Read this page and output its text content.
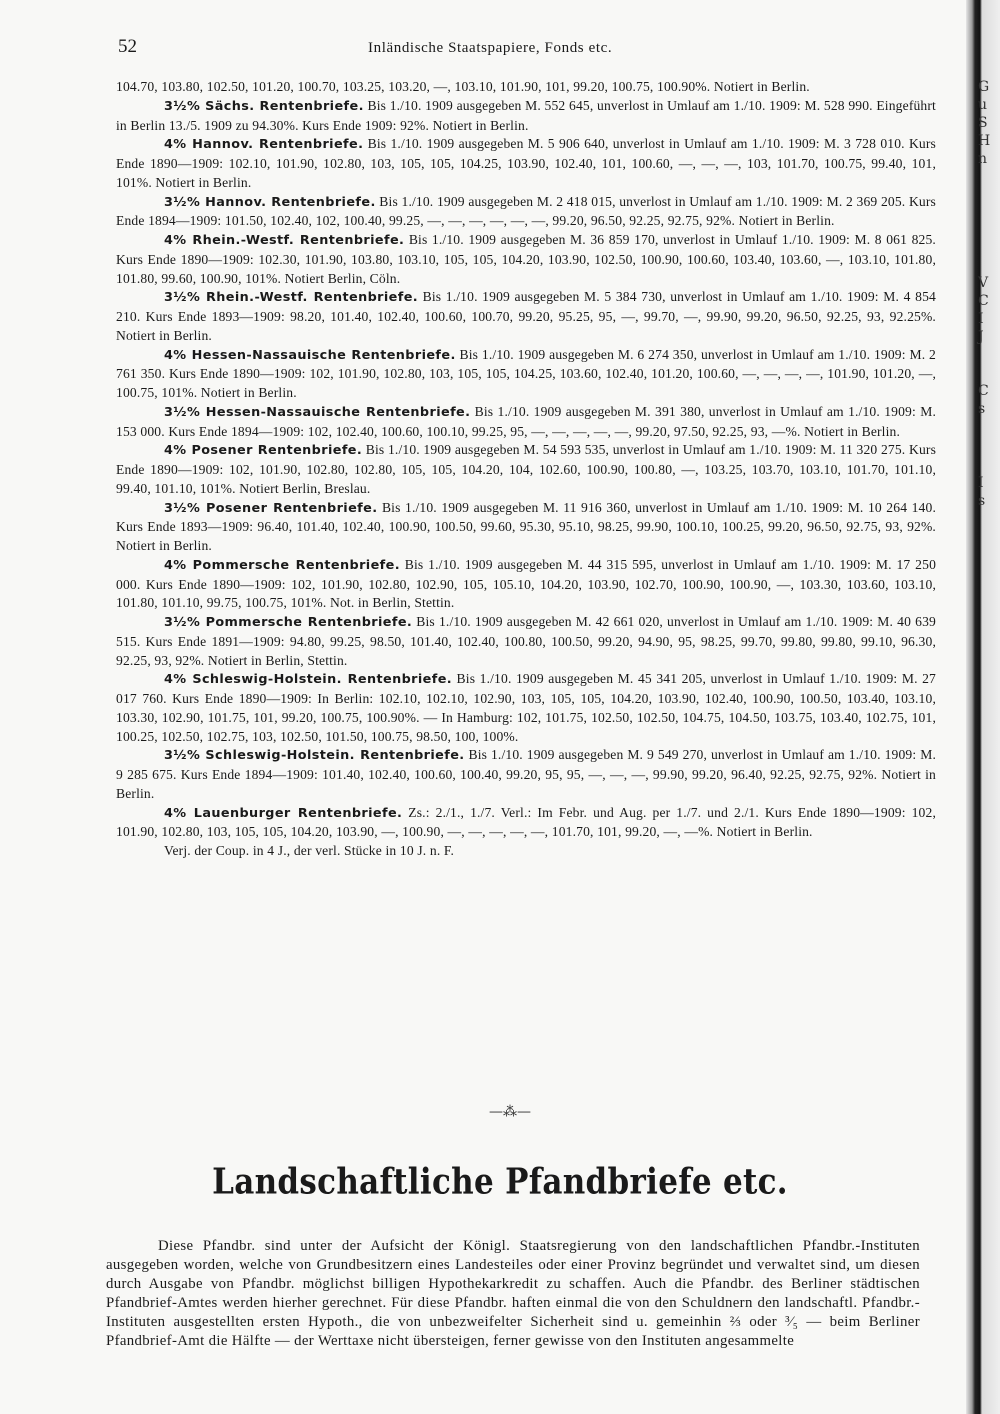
G
u
S
H
n
V
C
I
J
C
s
I
s
52	Inländische Staatspapiere, Fonds etc.

104.70, 103.80, 102.50, 101.20, 100.70, 103.25, 103.20, —, 103.10, 101.90, 101, 99.20, 100.75, 100.90%. Notiert in Berlin.

3½% Sächs. Rentenbriefe. Bis 1./10. 1909 ausgegeben M. 552 645, unverlost in Umlauf am 1./10. 1909: M. 528 990. Eingeführt in Berlin 13./5. 1909 zu 94.30%. Kurs Ende 1909: 92%. Notiert in Berlin.

4% Hannov. Rentenbriefe. Bis 1./10. 1909 ausgegeben M. 5 906 640, unverlost in Umlauf am 1./10. 1909: M. 3 728 010. Kurs Ende 1890—1909: 102.10, 101.90, 102.80, 103, 105, 105, 104.25, 103.90, 102.40, 101, 100.60, —, —, —, 103, 101.70, 100.75, 99.40, 101, 101%. Notiert in Berlin.

3½% Hannov. Rentenbriefe. Bis 1./10. 1909 ausgegeben M. 2 418 015, unverlost in Umlauf am 1./10. 1909: M. 2 369 205. Kurs Ende 1894—1909: 101.50, 102.40, 102, 100.40, 99.25, —, —, —, —, —, —, 99.20, 96.50, 92.25, 92.75, 92%. Notiert in Berlin.

4% Rhein.-Westf. Rentenbriefe. Bis 1./10. 1909 ausgegeben M. 36 859 170, unverlost in Umlauf 1./10. 1909: M. 8 061 825. Kurs Ende 1890—1909: 102.30, 101.90, 103.80, 103.10, 105, 105, 104.20, 103.90, 102.50, 100.90, 100.60, 103.40, 103.60, —, 103.10, 101.80, 101.80, 99.60, 100.90, 101%. Notiert Berlin, Cöln.

3½% Rhein.-Westf. Rentenbriefe. Bis 1./10. 1909 ausgegeben M. 5 384 730, unverlost in Umlauf am 1./10. 1909: M. 4 854 210. Kurs Ende 1893—1909: 98.20, 101.40, 102.40, 100.60, 100.70, 99.20, 95.25, 95, —, 99.70, —, 99.90, 99.20, 96.50, 92.25, 93, 92.25%. Notiert in Berlin.

4% Hessen-Nassauische Rentenbriefe. Bis 1./10. 1909 ausgegeben M. 6 274 350, unverlost in Umlauf am 1./10. 1909: M. 2 761 350. Kurs Ende 1890—1909: 102, 101.90, 102.80, 103, 105, 105, 104.25, 103.60, 102.40, 101.20, 100.60, —, —, —, —, 101.90, 101.20, —, 100.75, 101%. Notiert in Berlin.

3½% Hessen-Nassauische Rentenbriefe. Bis 1./10. 1909 ausgegeben M. 391 380, unverlost in Umlauf am 1./10. 1909: M. 153 000. Kurs Ende 1894—1909: 102, 102.40, 100.60, 100.10, 99.25, 95, —, —, —, —, —, 99.20, 97.50, 92.25, 93, —%. Notiert in Berlin.

4% Posener Rentenbriefe. Bis 1./10. 1909 ausgegeben M. 54 593 535, unverlost in Umlauf am 1./10. 1909: M. 11 320 275. Kurs Ende 1890—1909: 102, 101.90, 102.80, 102.80, 105, 105, 104.20, 104, 102.60, 100.90, 100.80, —, 103.25, 103.70, 103.10, 101.70, 101.10, 99.40, 101.10, 101%. Notiert Berlin, Breslau.

3½% Posener Rentenbriefe. Bis 1./10. 1909 ausgegeben M. 11 916 360, unverlost in Umlauf am 1./10. 1909: M. 10 264 140. Kurs Ende 1893—1909: 96.40, 101.40, 102.40, 100.90, 100.50, 99.60, 95.30, 95.10, 98.25, 99.90, 100.10, 100.25, 99.20, 96.50, 92.75, 93, 92%. Notiert in Berlin.

4% Pommersche Rentenbriefe. Bis 1./10. 1909 ausgegeben M. 44 315 595, unverlost in Umlauf am 1./10. 1909: M. 17 250 000. Kurs Ende 1890—1909: 102, 101.90, 102.80, 102.90, 105, 105.10, 104.20, 103.90, 102.70, 100.90, 100.90, —, 103.30, 103.60, 103.10, 101.80, 101.10, 99.75, 100.75, 101%. Not. in Berlin, Stettin.

3½% Pommersche Rentenbriefe. Bis 1./10. 1909 ausgegeben M. 42 661 020, unverlost in Umlauf am 1./10. 1909: M. 40 639 515. Kurs Ende 1891—1909: 94.80, 99.25, 98.50, 101.40, 102.40, 100.80, 100.50, 99.20, 94.90, 95, 98.25, 99.70, 99.80, 99.80, 99.10, 96.30, 92.25, 93, 92%. Notiert in Berlin, Stettin.

4% Schleswig-Holstein. Rentenbriefe. Bis 1./10. 1909 ausgegeben M. 45 341 205, unverlost in Umlauf 1./10. 1909: M. 27 017 760. Kurs Ende 1890—1909: In Berlin: 102.10, 102.10, 102.90, 103, 105, 105, 104.20, 103.90, 102.40, 100.90, 100.50, 103.40, 103.10, 103.30, 102.90, 101.75, 101, 99.20, 100.75, 100.90%. — In Hamburg: 102, 101.75, 102.50, 102.50, 104.75, 104.50, 103.75, 103.40, 102.75, 101, 100.25, 102.50, 102.75, 103, 102.50, 101.50, 100.75, 98.50, 100, 100%.

3½% Schleswig-Holstein. Rentenbriefe. Bis 1./10. 1909 ausgegeben M. 9 549 270, unverlost in Umlauf am 1./10. 1909: M. 9 285 675. Kurs Ende 1894—1909: 101.40, 102.40, 100.60, 100.40, 99.20, 95, 95, —, —, —, 99.90, 99.20, 96.40, 92.25, 92.75, 92%. Notiert in Berlin.

4% Lauenburger Rentenbriefe. Zs.: 2./1., 1./7. Verl.: Im Febr. und Aug. per 1./7. und 2./1. Kurs Ende 1890—1909: 102, 101.90, 102.80, 103, 105, 105, 104.20, 103.90, —, 100.90, —, —, —, —, —, 101.70, 101, 99.20, —, —%. Notiert in Berlin.

Verj. der Coup. in 4 J., der verl. Stücke in 10 J. n. F.

—⁂—
Landschaftliche Pfandbriefe etc.

Diese Pfandbr. sind unter der Aufsicht der Königl. Staatsregierung von den landschaftlichen Pfandbr.-Instituten ausgegeben worden, welche von Grundbesitzern eines Landesteiles oder einer Provinz begründet und verwaltet sind, um diesen durch Ausgabe von Pfandbr. möglichst billigen Hypothekarkredit zu schaffen. Auch die Pfandbr. des Berliner städtischen Pfandbrief-Amtes werden hierher gerechnet. Für diese Pfandbr. haften einmal die von den Schuldnern den landschaftl. Pfandbr.-Instituten ausgestellten ersten Hypoth., die von unbezweifelter Sicherheit sind u. gemeinhin ⅔ oder ³⁄₅ — beim Berliner Pfandbrief-Amt die Hälfte — der Werttaxe nicht übersteigen, ferner gewisse von den Instituten angesammelte
